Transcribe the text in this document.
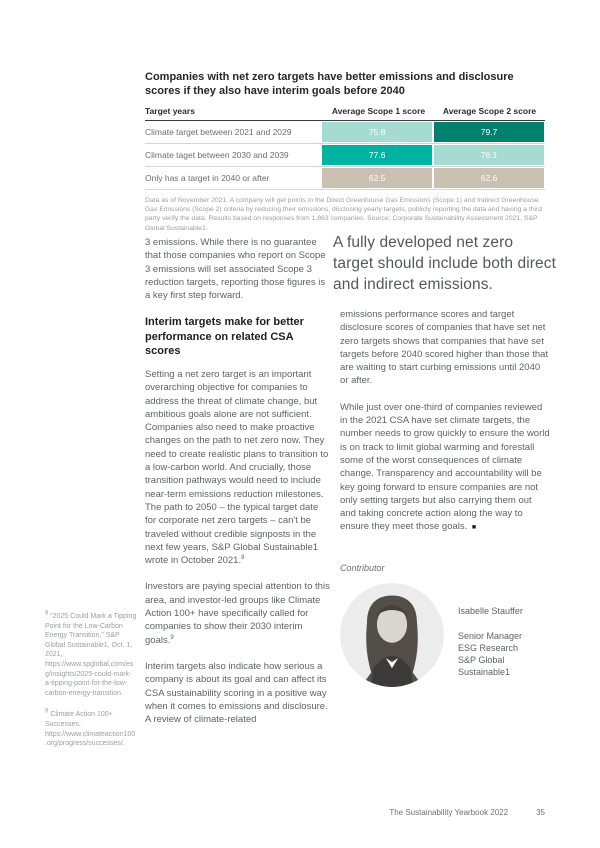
Companies with net zero targets have better emissions and disclosure scores if they also have interim goals before 2040
Target years	Average Scope 1 score	Average Scope 2 score
Climate target between 2021 and 2029	75.8	79.7
Climate taget between 2030 and 2039	77.6	76.1
Only has a target in 2040 or after	62.5	62.6
Data as of November 2021. A company will get points in the Direct Greenhouse Gas Emissions (Scope 1) and Indirect Greenhouse Gas Emissions (Scope 2) criteria by reducing their emissions, disclosing yearly targets, publicly reporting the data and having a third party verify the data. Results based on responses from 1,863 companies. Source: Corporate Sustainability Assessment 2021, S&P Global Sustainable1.

3 emissions. While there is no guarantee that those companies who report on Scope 3 emissions will set associated Scope 3 reduction targets, reporting those figures is a key first step forward.

Interim targets make for better performance on related CSA scores

Setting a net zero target is an important overarching objective for companies to address the threat of climate change, but ambitious goals alone are not sufficient. Companies also need to make proactive changes on the path to net zero now. They need to create realistic plans to transition to a low-carbon world. And crucially, those transition pathways would need to include near-term emissions reduction milestones. The path to 2050 – the typical target date for corporate net zero targets – can't be traveled without credible signposts in the next few years, S&P Global Sustainable1 wrote in October 2021.$^8$

Investors are paying special attention to this area, and investor-led groups like Climate Action 100+ have specifically called for companies to show their 2030 interim goals.$^9$

Interim targets also indicate how serious a company is about its goal and can affect its CSA sustainability scoring in a positive way when it comes to emissions and disclosure. A review of climate-related

A fully developed net zero target should include both direct and indirect emissions.

emissions performance scores and target disclosure scores of companies that have set net zero targets shows that companies that have set targets before 2040 scored higher than those that are waiting to start curbing emissions until 2040 or after.

While just over one-third of companies reviewed in the 2021 CSA have set climate targets, the number needs to grow quickly to ensure the world is on track to limit global warming and forestall some of the worst consequences of climate change. Transparency and accountability will be key going forward to ensure companies are not only setting targets but also carrying them out and taking concrete action along the way to ensure they meet those goals. ■

Contributor
Isabelle Stauffer
Senior Manager
ESG Research
S&P Global Sustainable1
$^8$ “2025 Could Mark a Tipping Point for the Low-Carbon Energy Transition,” S&P Global Sustainable1, Oct. 1, 2021, https://www.spglobal.com/esg/insights/2025-could-mark-a-tipping-point-for-the-low-carbon-energy-transition.
$^9$ Climate Action 100+ Successes, https://www.climateaction100.org/progress/successes/.
The Sustainability Yearbook 2022	35
